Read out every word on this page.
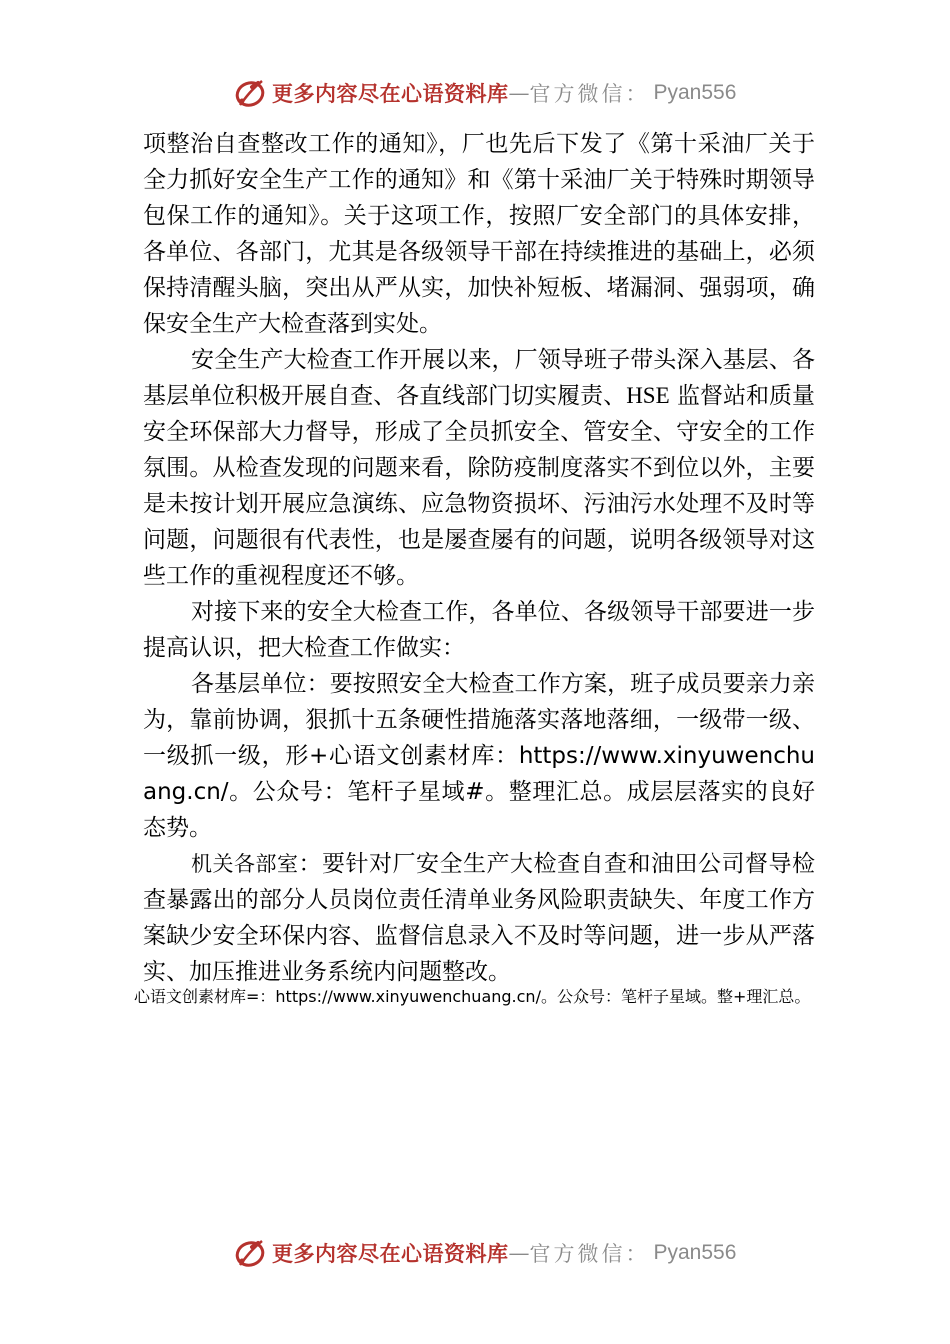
更多内容尽在心语资料库 — 官方微信： Pyan556

项整治自查整改工作的通知》，厂也先后下发了《第十采油厂关于全力抓好安全生产工作的通知》和《第十采油厂关于特殊时期领导包保工作的通知》。关于这项工作，按照厂安全部门的具体安排，各单位、各部门，尤其是各级领导干部在持续推进的基础上，必须保持清醒头脑，突出从严从实，加快补短板、堵漏洞、强弱项，确保安全生产大检查落到实处。

安全生产大检查工作开展以来，厂领导班子带头深入基层、各基层单位积极开展自查、各直线部门切实履责、HSE 监督站和质量安全环保部大力督导，形成了全员抓安全、管安全、守安全的工作氛围。从检查发现的问题来看，除防疫制度落实不到位以外，主要是未按计划开展应急演练、应急物资损坏、污油污水处理不及时等问题，问题很有代表性，也是屡查屡有的问题，说明各级领导对这些工作的重视程度还不够。

对接下来的安全大检查工作，各单位、各级领导干部要进一步提高认识，把大检查工作做实：

各基层单位：要按照安全大检查工作方案，班子成员要亲力亲为，靠前协调，狠抓十五条硬性措施落实落地落细，一级带一级、一级抓一级，形+心语文创素材库：https://www.xinyuwenchuang.cn/。公众号：笔杆子星域#。整理汇总。成层层落实的良好态势。

机关各部室：要针对厂安全生产大检查自查和油田公司督导检查暴露出的部分人员岗位责任清单业务风险职责缺失、年度工作方案缺少安全环保内容、监督信息录入不及时等问题，进一步从严落实、加压推进业务系统内问题整改。

心语文创素材库=：https://www.xinyuwenchuang.cn/。公众号：笔杆子星域。整+理汇总。

更多内容尽在心语资料库 — 官方微信： Pyan556
